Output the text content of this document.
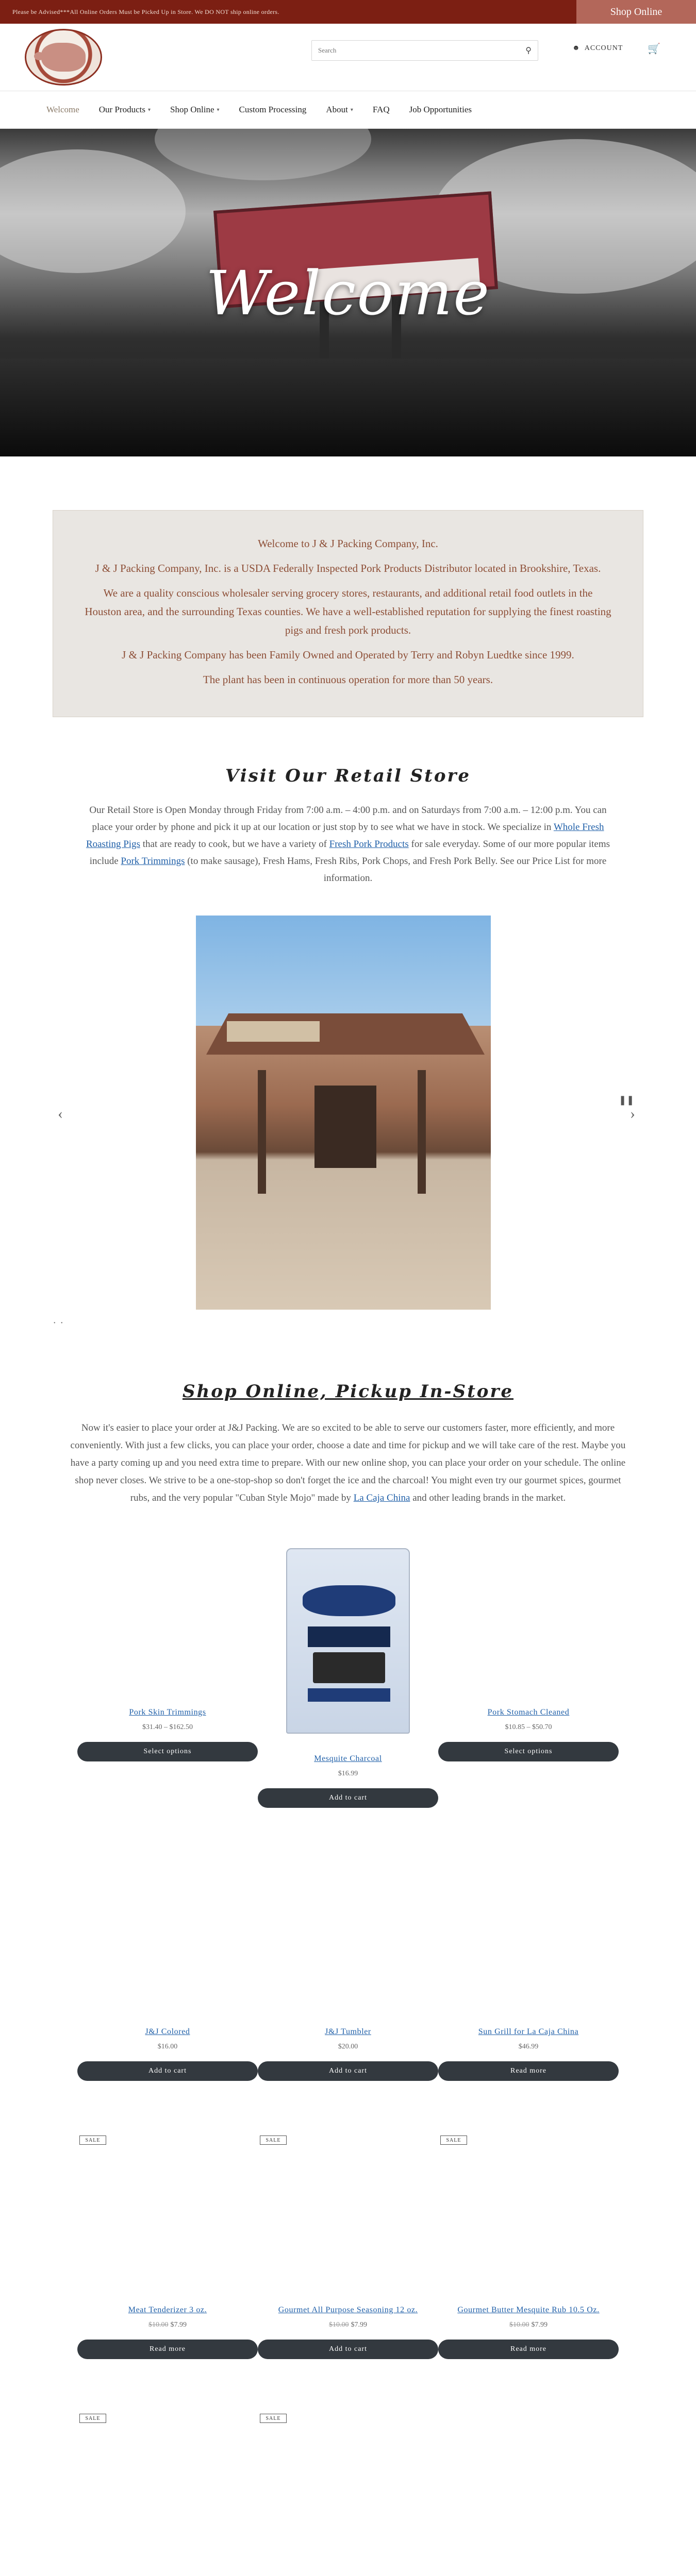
Please be Advised***All Online Orders Must be Picked Up in Store. We DO NOT ship online orders.	Shop Online
Search
⚲	☻ ACCOUNT 🛒
Welcome Our Products ▾ Shop Online ▾ Custom Processing About ▾ FAQ Job Opportunities
Welcome

Welcome to J & J Packing Company, Inc.

J & J Packing Company, Inc. is a USDA Federally Inspected Pork Products Distributor located in Brookshire, Texas.

We are a quality conscious wholesaler serving grocery stores, restaurants, and additional retail food outlets in the Houston area, and the surrounding Texas counties. We have a well-established reputation for supplying the finest roasting pigs and fresh pork products.

J & J Packing Company has been Family Owned and Operated by Terry and Robyn Luedtke since 1999.

The plant has been in continuous operation for more than 50 years.

Visit Our Retail Store

Our Retail Store is Open Monday through Friday from 7:00 a.m. – 4:00 p.m. and on Saturdays from 7:00 a.m. – 12:00 p.m. You can place your order by phone and pick it up at our location or just stop by to see what we have in stock. We specialize in Whole Fresh Roasting Pigs that are ready to cook, but we have a variety of Fresh Pork Products for sale everyday. Some of our more popular items include Pork Trimmings (to make sausage), Fresh Hams, Fresh Ribs, Pork Chops, and Fresh Pork Belly. See our Price List for more information.

‹
❚❚
›
• •
Shop Online, Pickup In-Store

Now it's easier to place your order at J&J Packing. We are so excited to be able to serve our customers faster, more efficiently, and more conveniently. With just a few clicks, you can place your order, choose a date and time for pickup and we will take care of the rest. Maybe you have a party coming up and you need extra time to prepare. With our new online shop, you can place your order on your schedule. The online shop never closes. We strive to be a one-stop-shop so don't forget the ice and the charcoal! You might even try our gourmet spices, gourmet rubs, and the very popular "Cuban Style Mojo" made by La Caja China and other leading brands in the market.

Pork Skin Trimmings
$31.40 – $162.50
Select options
Mesquite Charcoal
$16.99
Add to cart
Pork Stomach Cleaned
$10.85 – $50.70
Select options
J&J Colored
$16.00
Add to cart
J&J Tumbler
$20.00
Add to cart
Sun Grill for La Caja China
$46.99
Read more
SALE
Meat Tenderizer 3 oz.
$10.00 $7.99
Read more
SALE
Gourmet All Purpose Seasoning 12 oz.
$10.00 $7.99
Add to cart
SALE
Gourmet Butter Mesquite Rub 10.5 Oz.
$10.00 $7.99
Read more
SALE	SALE
